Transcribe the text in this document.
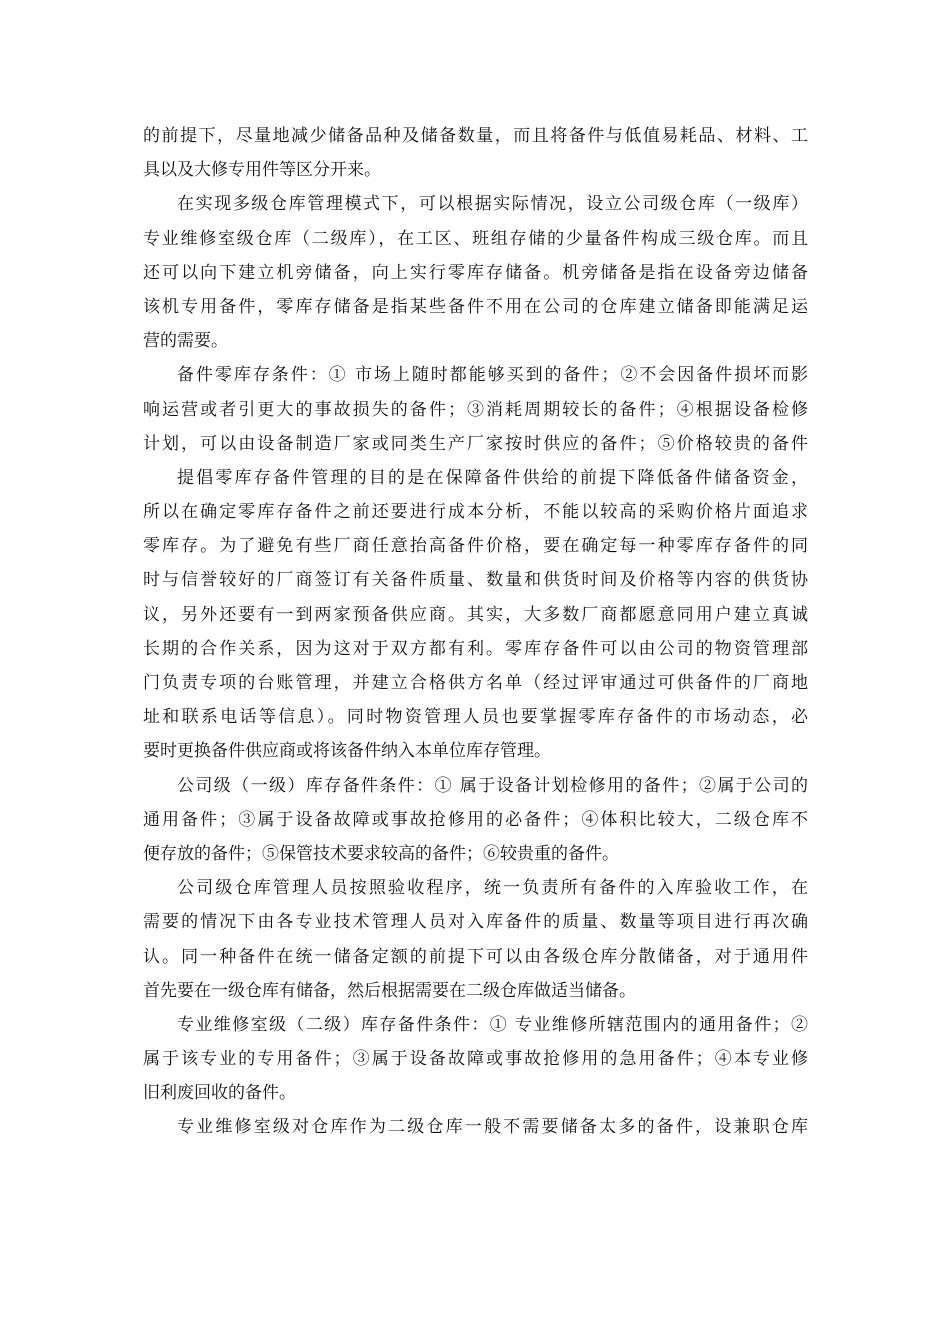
的前提下，尽量地减少储备品种及储备数量，而且将备件与低值易耗品、材料、工
具以及大修专用件等区分开来。
在实现多级仓库管理模式下，可以根据实际情况，设立公司级仓库（一级库）
专业维修室级仓库（二级库），在工区、班组存储的少量备件构成三级仓库。而且
还可以向下建立机旁储备，向上实行零库存储备。机旁储备是指在设备旁边储备
该机专用备件，零库存储备是指某些备件不用在公司的仓库建立储备即能满足运
营的需要。
备件零库存条件：① 市场上随时都能够买到的备件；②不会因备件损坏而影
响运营或者引更大的事故损失的备件；③消耗周期较长的备件；④根据设备检修
计划，可以由设备制造厂家或同类生产厂家按时供应的备件；⑤价格较贵的备件
提倡零库存备件管理的目的是在保障备件供给的前提下降低备件储备资金，
所以在确定零库存备件之前还要进行成本分析，不能以较高的采购价格片面追求
零库存。为了避免有些厂商任意抬高备件价格，要在确定每一种零库存备件的同
时与信誉较好的厂商签订有关备件质量、数量和供货时间及价格等内容的供货协
议，另外还要有一到两家预备供应商。其实，大多数厂商都愿意同用户建立真诚
长期的合作关系，因为这对于双方都有利。零库存备件可以由公司的物资管理部
门负责专项的台账管理，并建立合格供方名单（经过评审通过可供备件的厂商地
址和联系电话等信息）。同时物资管理人员也要掌握零库存备件的市场动态，必
要时更换备件供应商或将该备件纳入本单位库存管理。
公司级（一级）库存备件条件：① 属于设备计划检修用的备件；②属于公司的
通用备件；③属于设备故障或事故抢修用的必备件；④体积比较大，二级仓库不
便存放的备件；⑤保管技术要求较高的备件；⑥较贵重的备件。
公司级仓库管理人员按照验收程序，统一负责所有备件的入库验收工作，在
需要的情况下由各专业技术管理人员对入库备件的质量、数量等项目进行再次确
认。同一种备件在统一储备定额的前提下可以由各级仓库分散储备，对于通用件
首先要在一级仓库有储备，然后根据需要在二级仓库做适当储备。
专业维修室级（二级）库存备件条件：① 专业维修所辖范围内的通用备件；②
属于该专业的专用备件；③属于设备故障或事故抢修用的急用备件；④本专业修
旧利废回收的备件。
专业维修室级对仓库作为二级仓库一般不需要储备太多的备件，设兼职仓库
